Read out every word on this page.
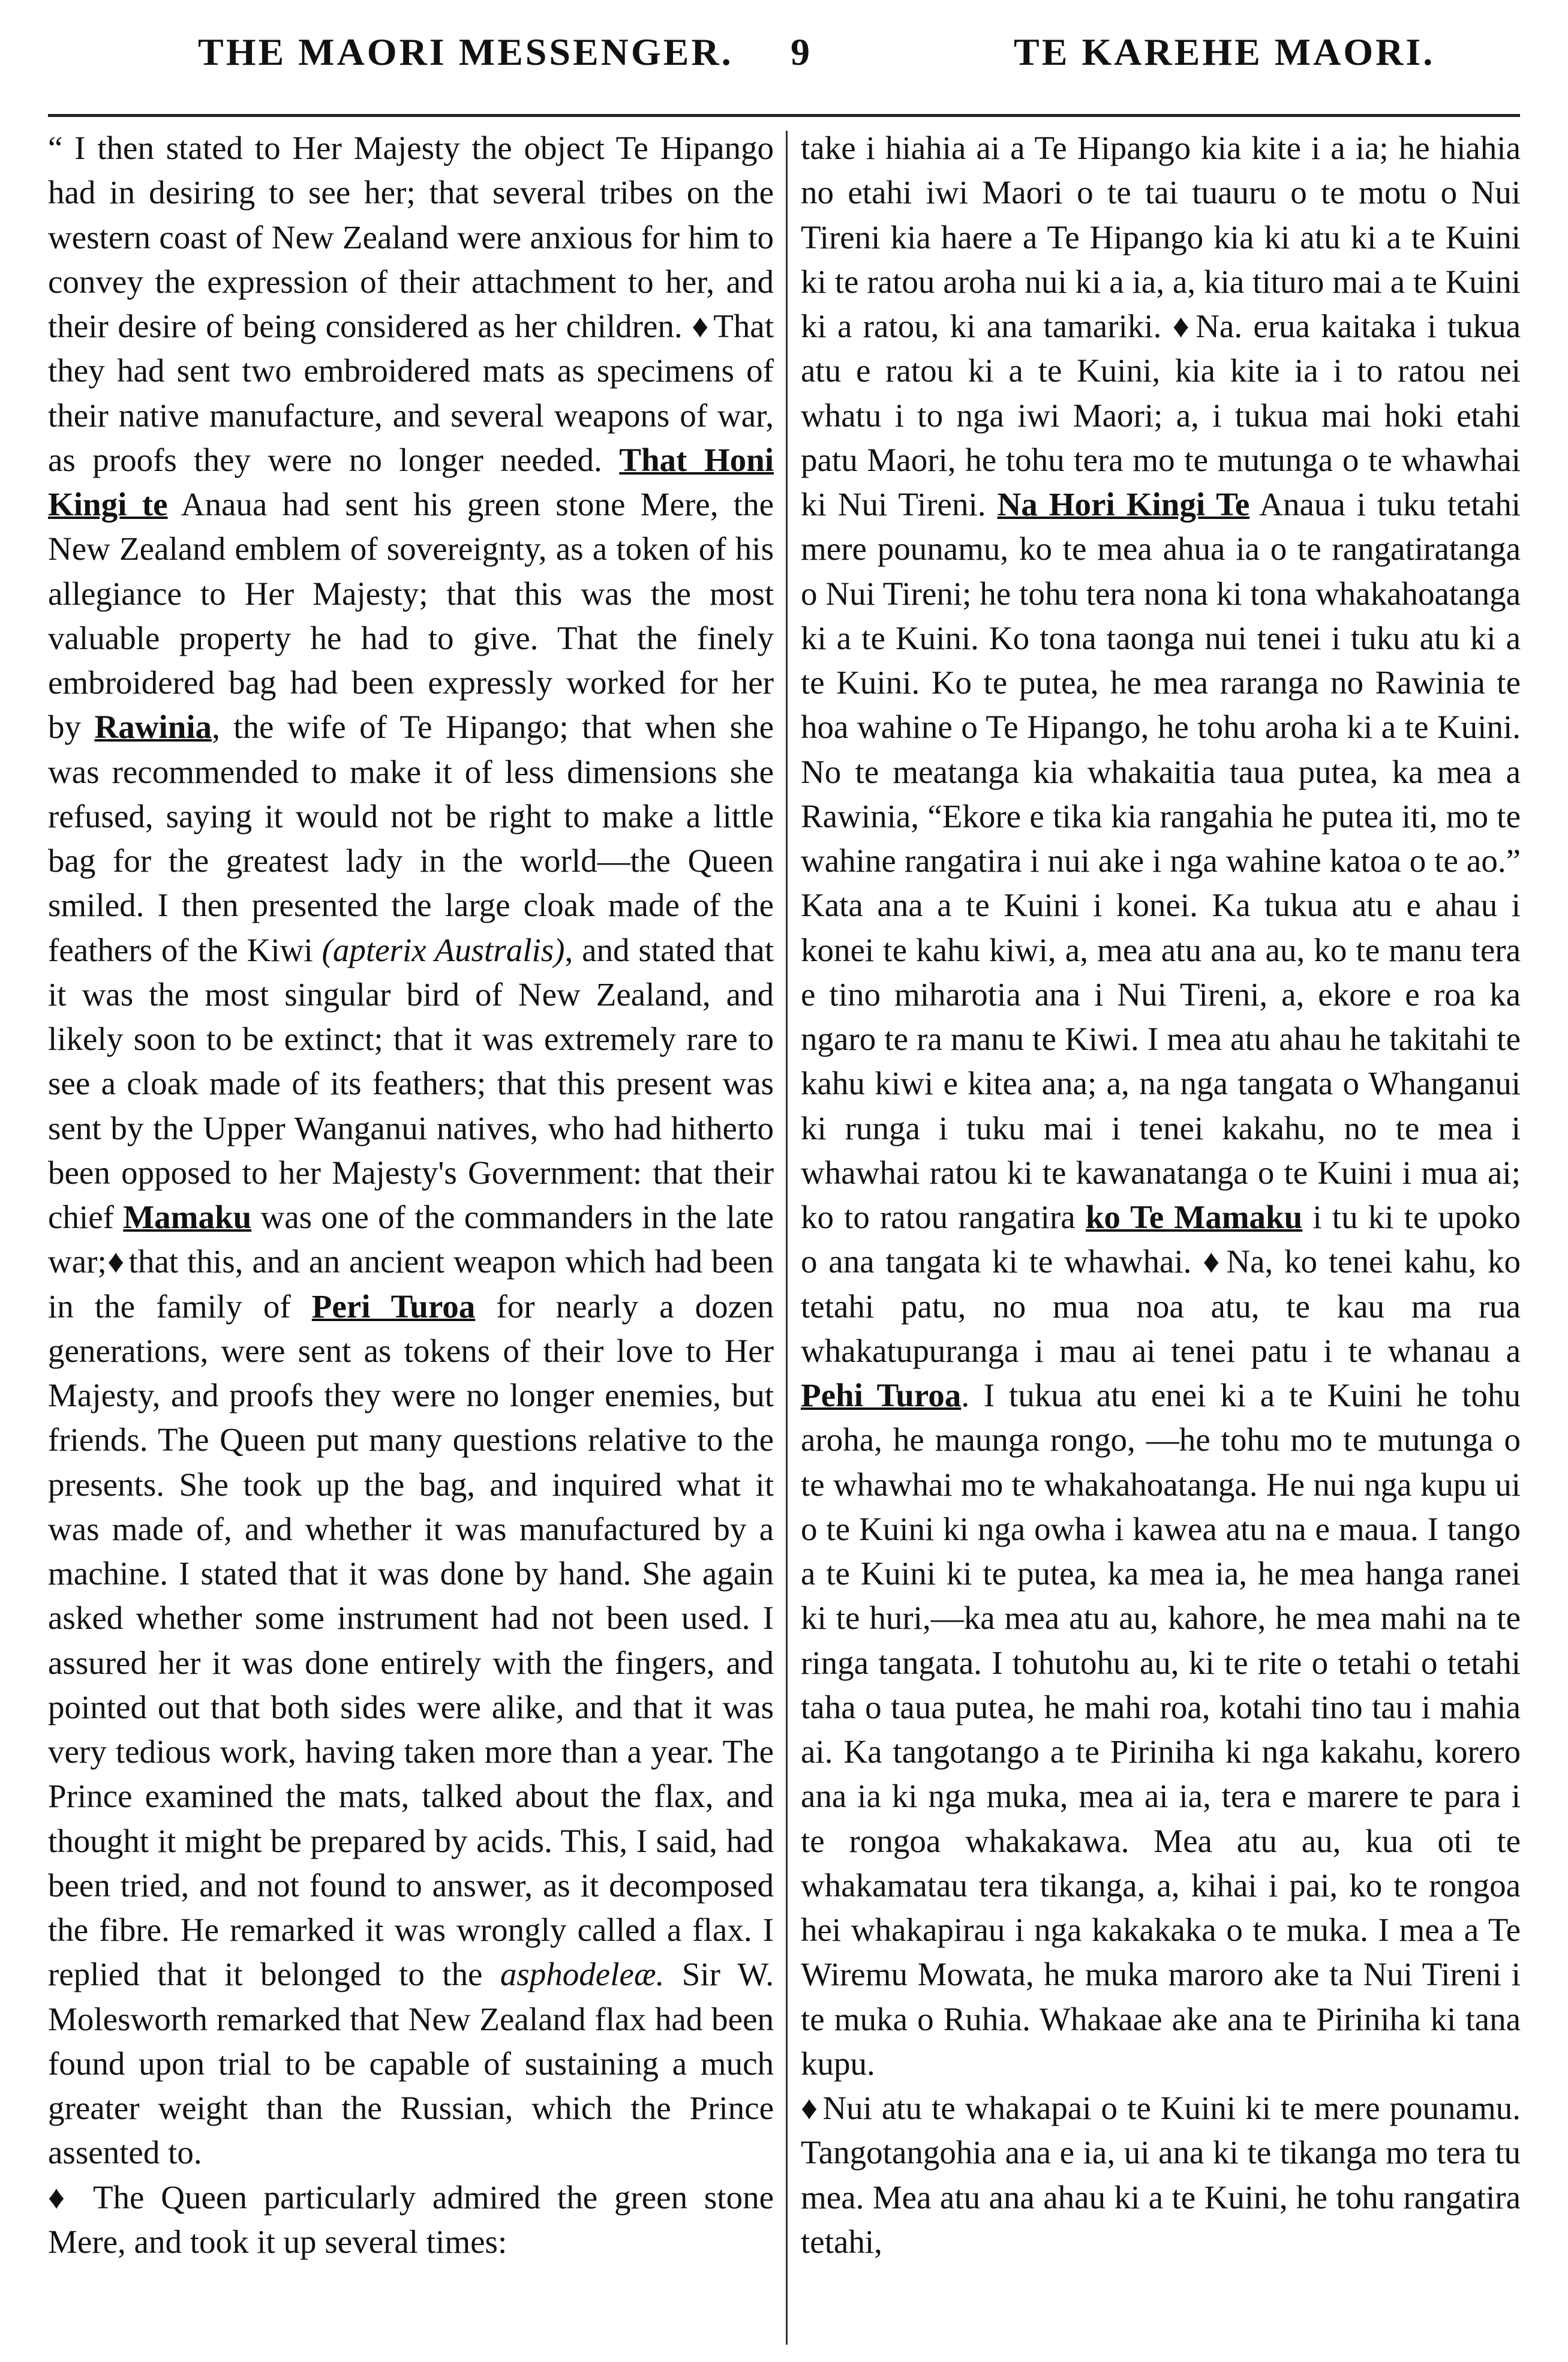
THE MAORI MESSENGER. 9	TE KAREHE MAORI.

“ I then stated to Her Majesty the object Te Hipango had in desiring to see her; that several tribes on the western coast of New Zealand were anxious for him to convey the expression of their attachment to her, and their desire of being considered as her children. ♦ That they had sent two embroidered mats as specimens of their native manufacture, and several weapons of war, as proofs they were no longer needed. That Honi Kingi te Anaua had sent his green stone Mere, the New Zealand emblem of sovereignty, as a token of his allegiance to Her Majesty; that this was the most valuable property he had to give. That the finely embroidered bag had been expressly worked for her by Rawinia, the wife of Te Hipango; that when she was recommended to make it of less dimensions she refused, saying it would not be right to make a little bag for the greatest lady in the world—the Queen smiled. I then presented the large cloak made of the feathers of the Kiwi (apterix Australis), and stated that it was the most singular bird of New Zealand, and likely soon to be extinct; that it was extremely rare to see a cloak made of its feathers; that this present was sent by the Upper Wanganui natives, who had hitherto been opposed to her Majesty's Government: that their chief Mamaku was one of the commanders in the late war;♦ that this, and an ancient weapon which had been in the family of Peri Turoa for nearly a dozen generations, were sent as tokens of their love to Her Majesty, and proofs they were no longer enemies, but friends. The Queen put many questions relative to the presents. She took up the bag, and inquired what it was made of, and whether it was manufactured by a machine. I stated that it was done by hand. She again asked whether some instrument had not been used. I assured her it was done entirely with the fingers, and pointed out that both sides were alike, and that it was very tedious work, having taken more than a year. The Prince examined the mats, talked about the flax, and thought it might be prepared by acids. This, I said, had been tried, and not found to answer, as it decomposed the fibre. He remarked it was wrongly called a flax. I replied that it belonged to the asphodeleæ. Sir W. Molesworth remarked that New Zealand flax had been found upon trial to be capable of sustaining a much greater weight than the Russian, which the Prince assented to.

♦ The Queen particularly admired the green stone Mere, and took it up several times:

take i hiahia ai a Te Hipango kia kite i a ia; he hiahia no etahi iwi Maori o te tai tuauru o te motu o Nui Tireni kia haere a Te Hipango kia ki atu ki a te Kuini ki te ratou aroha nui ki a ia, a, kia tituro mai a te Kuini ki a ratou, ki ana tamariki. ♦ Na. erua kaitaka i tukua atu e ratou ki a te Kuini, kia kite ia i to ratou nei whatu i to nga iwi Maori; a, i tukua mai hoki etahi patu Maori, he tohu tera mo te mutunga o te whawhai ki Nui Tireni. Na Hori Kingi Te Anaua i tuku tetahi mere pounamu, ko te mea ahua ia o te rangatiratanga o Nui Tireni; he tohu tera nona ki tona whakahoatanga ki a te Kuini. Ko tona taonga nui tenei i tuku atu ki a te Kuini. Ko te putea, he mea raranga no Rawinia te hoa wahine o Te Hipango, he tohu aroha ki a te Kuini. No te meatanga kia whakaitia taua putea, ka mea a Rawinia, “Ekore e tika kia rangahia he putea iti, mo te wahine rangatira i nui ake i nga wahine katoa o te ao.” Kata ana a te Kuini i konei. Ka tukua atu e ahau i konei te kahu kiwi, a, mea atu ana au, ko te manu tera e tino miharotia ana i Nui Tireni, a, ekore e roa ka ngaro te ra manu te Kiwi. I mea atu ahau he takitahi te kahu kiwi e kitea ana; a, na nga tangata o Whanganui ki runga i tuku mai i tenei kakahu, no te mea i whawhai ratou ki te kawanatanga o te Kuini i mua ai; ko to ratou rangatira ko Te Mamaku i tu ki te upoko o ana tangata ki te whawhai. ♦ Na, ko tenei kahu, ko tetahi patu, no mua noa atu, te kau ma rua whakatupuranga i mau ai tenei patu i te whanau a Pehi Turoa. I tukua atu enei ki a te Kuini he tohu aroha, he maunga rongo, —he tohu mo te mutunga o te whawhai mo te whakahoatanga. He nui nga kupu ui o te Kuini ki nga owha i kawea atu na e maua. I tango a te Kuini ki te putea, ka mea ia, he mea hanga ranei ki te huri,—ka mea atu au, kahore, he mea mahi na te ringa tangata. I tohutohu au, ki te rite o tetahi o tetahi taha o taua putea, he mahi roa, kotahi tino tau i mahia ai. Ka tangotango a te Piriniha ki nga kakahu, korero ana ia ki nga muka, mea ai ia, tera e marere te para i te rongoa whakakawa. Mea atu au, kua oti te whakamatau tera tikanga, a, kihai i pai, ko te rongoa hei whakapirau i nga kakakaka o te muka. I mea a Te Wiremu Mowata, he muka maroro ake ta Nui Tireni i te muka o Ruhia. Whakaae ake ana te Piriniha ki tana kupu.

♦ Nui atu te whakapai o te Kuini ki te mere pounamu. Tangotangohia ana e ia, ui ana ki te tikanga mo tera tu mea. Mea atu ana ahau ki a te Kuini, he tohu rangatira tetahi,
